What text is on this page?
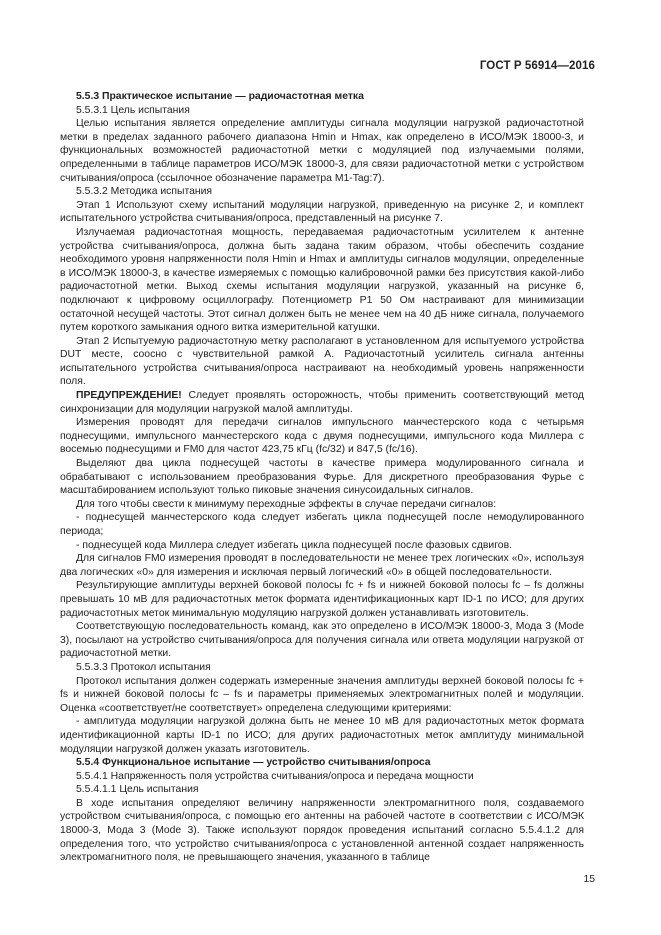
ГОСТ Р 56914—2016

5.5.3 Практическое испытание — радиочастотная метка

5.5.3.1 Цель испытания

Целью испытания является определение амплитуды сигнала модуляции нагрузкой радиочастотной метки в пределах заданного рабочего диапазона Hmin и Hmax, как определено в ИСО/МЭК 18000-3, и функциональных возможностей радиочастотной метки с модуляцией под излучаемыми полями, определенными в таблице параметров ИСО/МЭК 18000-3, для связи радиочастотной метки с устройством считывания/опроса (ссылочное обозначение параметра M1-Tag:7).

5.5.3.2 Методика испытания

Этап 1 Используют схему испытаний модуляции нагрузкой, приведенную на рисунке 2, и комплект испытательного устройства считывания/опроса, представленный на рисунке 7.

Излучаемая радиочастотная мощность, передаваемая радиочастотным усилителем к антенне устройства считывания/опроса, должна быть задана таким образом, чтобы обеспечить создание необходимого уровня напряженности поля Hmin и Hmax и амплитуды сигналов модуляции, определенные в ИСО/МЭК 18000-3, в качестве измеряемых с помощью калибровочной рамки без присутствия какой-либо радиочастотной метки. Выход схемы испытания модуляции нагрузкой, указанный на рисунке 6, подключают к цифровому осциллографу. Потенциометр Р1 50 Ом настраивают для минимизации остаточной несущей частоты. Этот сигнал должен быть не менее чем на 40 дБ ниже сигнала, получаемого путем короткого замыкания одного витка измерительной катушки.

Этап 2 Испытуемую радиочастотную метку располагают в установленном для испытуемого устройства DUT месте, соосно с чувствительной рамкой А. Радиочастотный усилитель сигнала антенны испытательного устройства считывания/опроса настраивают на необходимый уровень напряженности поля.

ПРЕДУПРЕЖДЕНИЕ! Следует проявлять осторожность, чтобы применить соответствующий метод синхронизации для модуляции нагрузкой малой амплитуды.

Измерения проводят для передачи сигналов импульсного манчестерского кода с четырьмя поднесущими, импульсного манчестерского кода с двумя поднесущими, импульсного кода Миллера с восемью поднесущими и FM0 для частот 423,75 кГц (fc/32) и 847,5 (fc/16).

Выделяют два цикла поднесущей частоты в качестве примера модулированного сигнала и обрабатывают с использованием преобразования Фурье. Для дискретного преобразования Фурье с масштабированием используют только пиковые значения синусоидальных сигналов.

Для того чтобы свести к минимуму переходные эффекты в случае передачи сигналов:

- поднесущей манчестерского кода следует избегать цикла поднесущей после немодулированного периода;

- поднесущей кода Миллера следует избегать цикла поднесущей после фазовых сдвигов.

Для сигналов FM0 измерения проводят в последовательности не менее трех логических «0», используя два логических «0» для измерения и исключая первый логический «0» в общей последовательности.

Результирующие амплитуды верхней боковой полосы fc + fs и нижней боковой полосы fc – fs должны превышать 10 мВ для радиочастотных меток формата идентификационных карт ID-1 по ИСО; для других радиочастотных меток минимальную модуляцию нагрузкой должен устанавливать изготовитель.

Соответствующую последовательность команд, как это определено в ИСО/МЭК 18000-3, Мода 3 (Mode 3), посылают на устройство считывания/опроса для получения сигнала или ответа модуляции нагрузкой от радиочастотной метки.

5.5.3.3 Протокол испытания

Протокол испытания должен содержать измеренные значения амплитуды верхней боковой полосы fc + fs и нижней боковой полосы fc – fs и параметры применяемых электромагнитных полей и модуляции. Оценка «соответствует/не соответствует» определена следующими критериями:

- амплитуда модуляции нагрузкой должна быть не менее 10 мВ для радиочастотных меток формата идентификационной карты ID-1 по ИСО; для других радиочастотных меток амплитуду минимальной модуляции нагрузкой должен указать изготовитель.

5.5.4 Функциональное испытание — устройство считывания/опроса

5.5.4.1 Напряженность поля устройства считывания/опроса и передача мощности

5.5.4.1.1 Цель испытания

В ходе испытания определяют величину напряженности электромагнитного поля, создаваемого устройством считывания/опроса, с помощью его антенны на рабочей частоте в соответствии с ИСО/МЭК 18000-3, Мода 3 (Mode 3). Также используют порядок проведения испытаний согласно 5.5.4.1.2 для определения того, что устройство считывания/опроса с установленной антенной создает напряженность электромагнитного поля, не превышающего значения, указанного в таблице

15
